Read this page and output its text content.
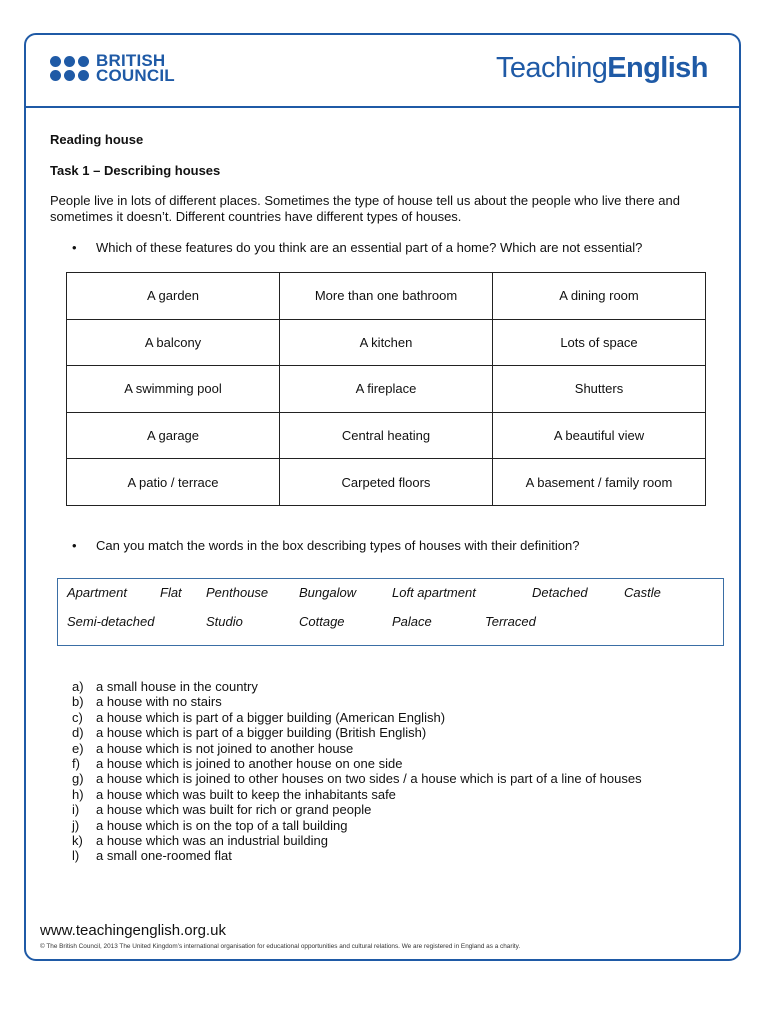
BRITISH
COUNCIL	TeachingEnglish
Reading house
Task 1 – Describing houses
People live in lots of different places. Sometimes the type of house tell us about the people who live there and sometimes it doesn’t. Different countries have different types of houses.
•	Which of these features do you think are an essential part of a home? Which are not essential?
A garden	More than one bathroom	A dining room
A balcony	A kitchen	Lots of space
A swimming pool	A fireplace	Shutters
A garage	Central heating	A beautiful view
A patio / terrace	Carpeted floors	A basement / family room
•	Can you match the words in the box describing types of houses with their definition?
Apartment	Flat Penthouse Bungalow	Loft apartment	Detached	Castle
Semi-detached	Studio	Cottage	Palace	Terraced
a) a small house in the country
b) a house with no stairs
c)	a house which is part of a bigger building (American English)
d) a house which is part of a bigger building (British English)
e) a house which is not joined to another house
f)	a house which is joined to another house on one side
g) a house which is joined to other houses on two sides / a house which is part of a line of houses
h) a house which was built to keep the inhabitants safe
i)	a house which was built for rich or grand people
j)	a house which is on the top of a tall building
k)	a house which was an industrial building
l)	a small one-roomed flat
www.teachingenglish.org.uk
© The British Council, 2013 The United Kingdom’s international organisation for educational opportunities and cultural relations. We are registered in England as a charity.
